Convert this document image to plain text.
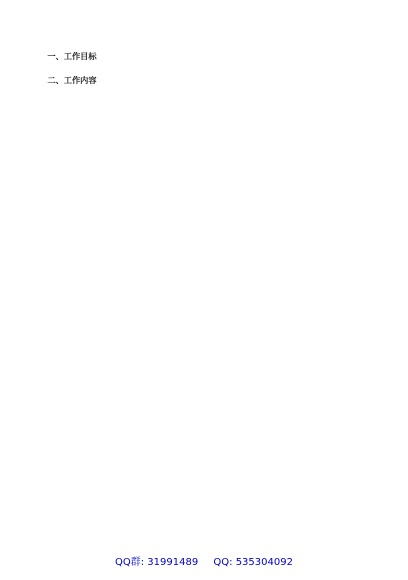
一、工作目标

二、工作内容

QQ群: 31991489 QQ: 535304092
